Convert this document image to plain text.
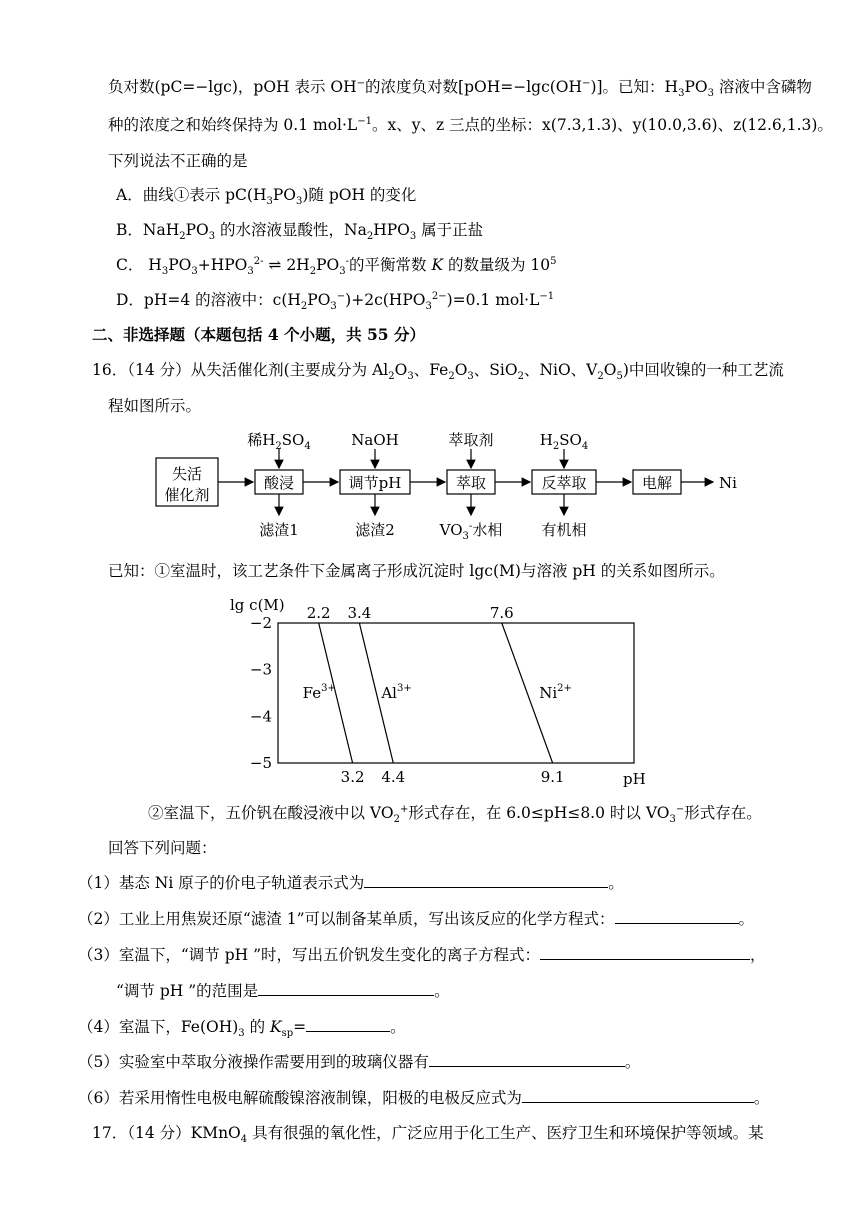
负对数(pC=−lgc)，pOH 表示 OH−的浓度负对数[pOH=−lgc(OH−)]。已知：$H_3PO_3$ 溶液中含磷物
种的浓度之和始终保持为 0.1 $mol\cdot L^{-1}$。x、y、z 三点的坐标：x(7.3,1.3)、y(10.0,3.6)、z(12.6,1.3)。
下列说法不正确的是
A．曲线①表示 $pC(H_3PO_3)$随 pOH 的变化
B．$NaH_2PO_3$ 的水溶液显酸性，$Na_2HPO_3$ 属于正盐
C． $H_3PO_3+HPO_3^{2-}$ ⇌ $2H_2PO_3^-$的平衡常数 K 的数量级为 $10^5$
D．pH=4 的溶液中：$c(H_2PO_3^-)+2c(HPO_3^{2-})=0.1$ $mol\cdot L^{-1}$
二、非选择题（本题包括 4 个小题，共 55 分）
16．（14 分）从失活催化剂(主要成分为 $Al_2O_3$、$Fe_2O_3$、SiO$_2$、NiO、$V_2O_5$)中回收镍的一种工艺流
程如图所示。
失活
催化剂
酸浸	调节pH	萃取	反萃取	电解	Ni
稀$H_2SO_4$	NaOH	萃取剂	$H_2SO_4$
滤渣1	滤渣2	$VO_3^-$水相	有机相
已知：①室温时，该工艺条件下金属离子形成沉淀时 lgc(M)与溶液 pH 的关系如图所示。
lg c(M)
pH
−2
−3
−4
−5
$Fe^{3+}$	$Al^{3+}$	$Ni^{2+}$
2.2
3.2
3.4
4.4
7.6
9.1
②室温下，五价钒在酸浸液中以 $VO_2^+$形式存在，在 6.0≤pH≤8.0 时以 $VO_3^-$形式存在。
回答下列问题：
（1）基态 Ni 原子的价电子轨道表示式为	。
（2）工业上用焦炭还原“滤渣 1”可以制备某单质，写出该反应的化学方程式：	。
（3）室温下，“调节 pH ”时，写出五价钒发生变化的离子方程式：	，
“调节 pH ”的范围是	。
（4）室温下，$Fe(OH)_3$ 的 $K_{sp}=$	。
（5）实验室中萃取分液操作需要用到的玻璃仪器有	。
（6）若采用惰性电极电解硫酸镍溶液制镍，阳极的电极反应式为	。
17．（14 分）KMnO$_4$ 具有很强的氧化性，广泛应用于化工生产、医疗卫生和环境保护等领域。某
